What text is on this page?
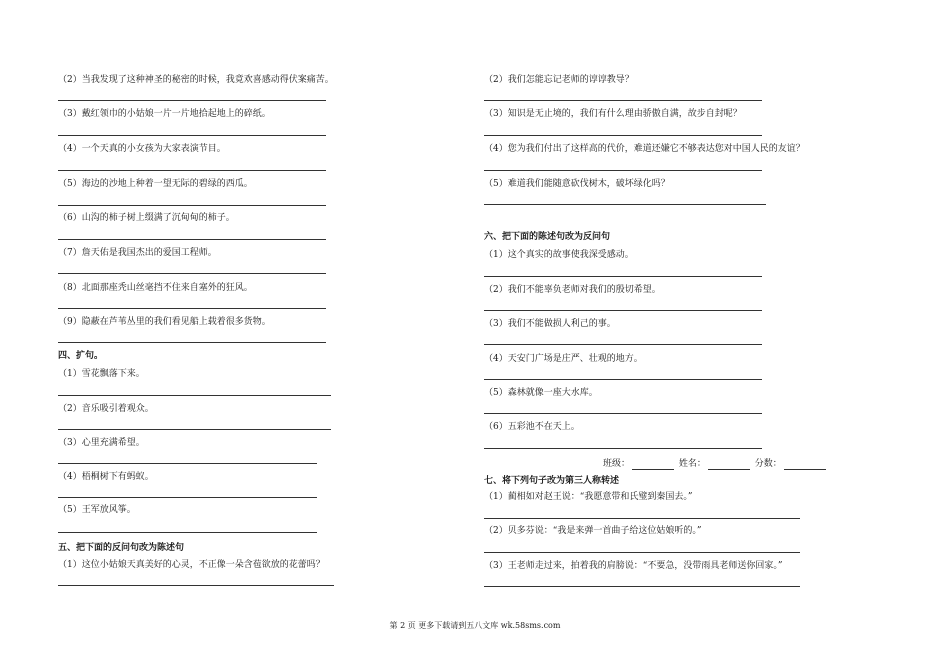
（2）当我发现了这种神圣的秘密的时候，我竟欢喜感动得伏案痛苦。
（3）戴红领巾的小姑娘一片一片地拾起地上的碎纸。
（4）一个天真的小女孩为大家表演节目。
（5）海边的沙地上种着一望无际的碧绿的西瓜。
（6）山沟的柿子树上缀满了沉甸甸的柿子。
（7）詹天佑是我国杰出的爱国工程师。
（8）北面那座秃山丝毫挡不住来自塞外的狂风。
（9）隐蔽在芦苇丛里的我们看见船上载着很多货物。
四、扩句。
（1）雪花飘落下来。
（2）音乐吸引着观众。
（3）心里充满希望。
（4）梧桐树下有蚂蚁。
（5）王军放风筝。
五、把下面的反问句改为陈述句
（1）这位小姑娘天真美好的心灵，不正像一朵含苞欲放的花蕾吗？
（2）我们怎能忘记老师的谆谆教导？
（3）知识是无止境的，我们有什么理由骄傲自满，故步自封呢？
（4）您为我们付出了这样高的代价，难道还嫌它不够表达您对中国人民的友谊？
（5）难道我们能随意砍伐树木，破坏绿化吗？
六、把下面的陈述句改为反问句
（1）这个真实的故事使我深受感动。
（2）我们不能辜负老师对我们的殷切希望。
（3）我们不能做损人利己的事。
（4）天安门广场是庄严、壮观的地方。
（5）森林就像一座大水库。
（6）五彩池不在天上。
七、将下列句子改为第三人称转述
（1）蔺相如对赵王说：“我愿意带和氏璧到秦国去。”
（2）贝多芬说：“我是来弹一首曲子给这位姑娘听的。”
（3）王老师走过来，拍着我的肩膀说：“不要急，没带雨具老师送你回家。”
班级：	姓名：	分数：
第 2 页 更多下载请到五八文库 wk.58sms.com
